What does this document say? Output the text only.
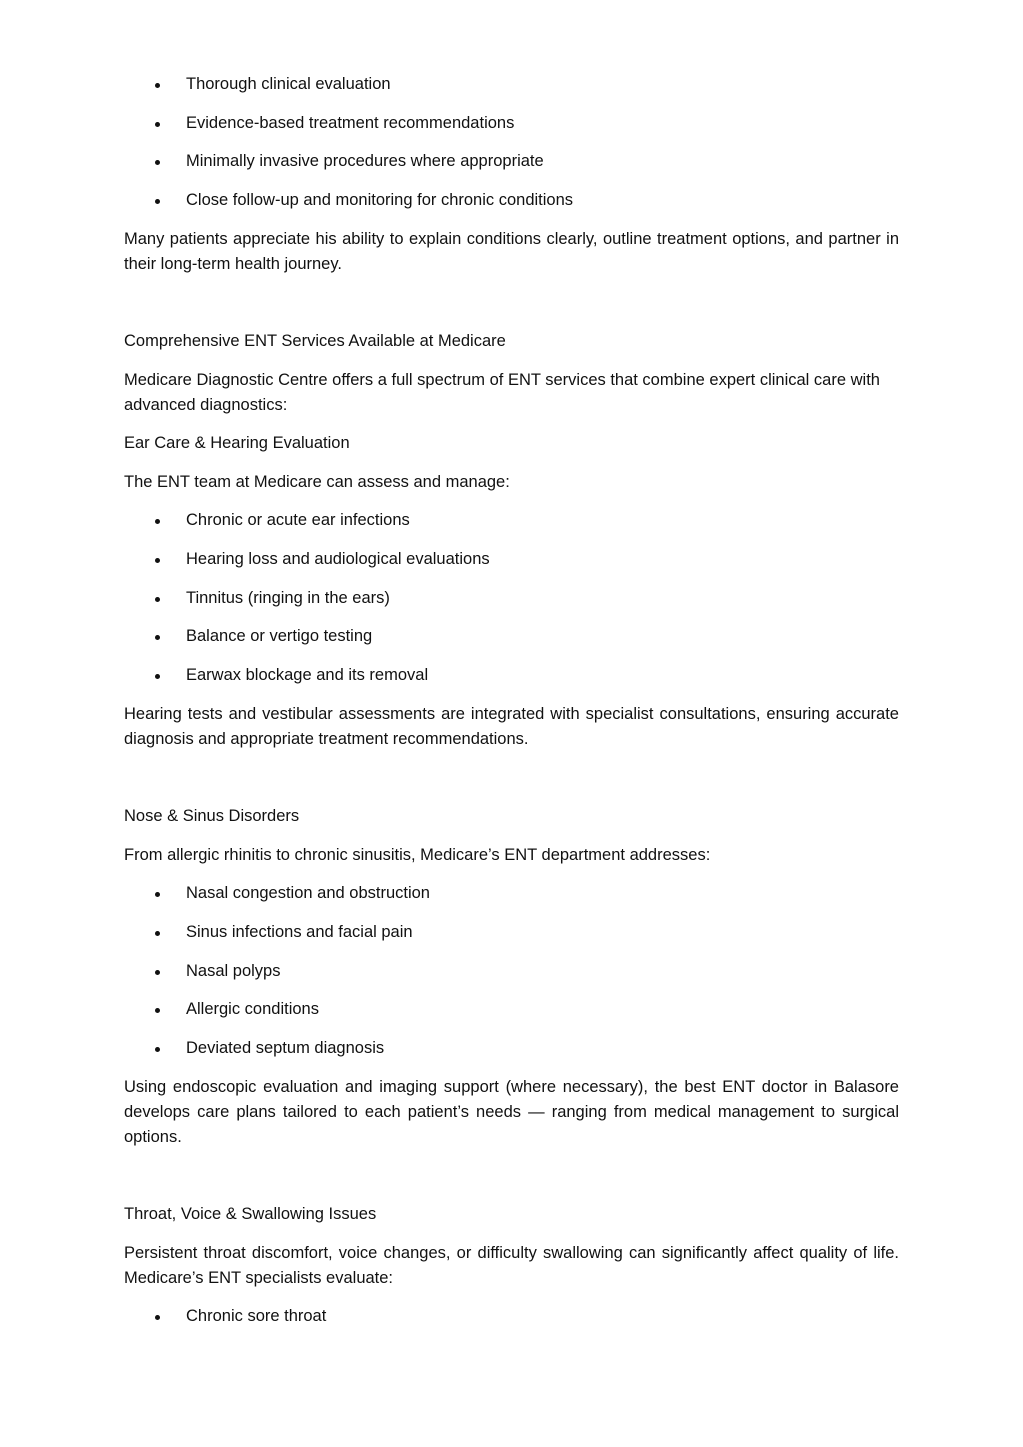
Thorough clinical evaluation
Evidence-based treatment recommendations
Minimally invasive procedures where appropriate
Close follow-up and monitoring for chronic conditions
Many patients appreciate his ability to explain conditions clearly, outline treatment options, and partner in their long-term health journey.
Comprehensive ENT Services Available at Medicare
Medicare Diagnostic Centre offers a full spectrum of ENT services that combine expert clinical care with advanced diagnostics:
Ear Care & Hearing Evaluation
The ENT team at Medicare can assess and manage:
Chronic or acute ear infections
Hearing loss and audiological evaluations
Tinnitus (ringing in the ears)
Balance or vertigo testing
Earwax blockage and its removal
Hearing tests and vestibular assessments are integrated with specialist consultations, ensuring accurate diagnosis and appropriate treatment recommendations.
Nose & Sinus Disorders
From allergic rhinitis to chronic sinusitis, Medicare’s ENT department addresses:
Nasal congestion and obstruction
Sinus infections and facial pain
Nasal polyps
Allergic conditions
Deviated septum diagnosis
Using endoscopic evaluation and imaging support (where necessary), the best ENT doctor in Balasore develops care plans tailored to each patient’s needs — ranging from medical management to surgical options.
Throat, Voice & Swallowing Issues
Persistent throat discomfort, voice changes, or difficulty swallowing can significantly affect quality of life. Medicare’s ENT specialists evaluate:
Chronic sore throat
